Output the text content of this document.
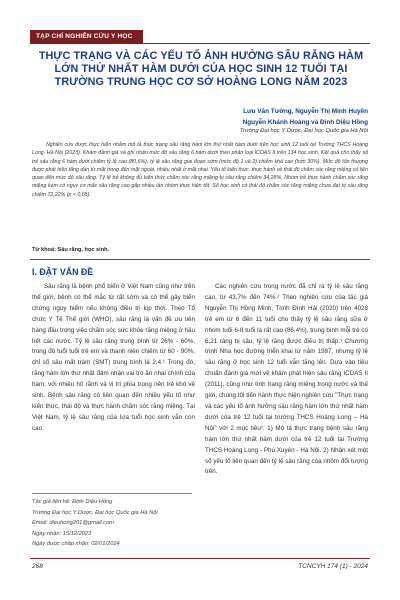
TẠP CHÍ NGHIÊN CỨU Y HỌC
THỰC TRẠNG VÀ CÁC YẾU TỐ ẢNH HƯỞNG SÂU RĂNG HÀM LỚN THỨ NHẤT HÀM DƯỚI CỦA HỌC SINH 12 TUỔI TẠI TRƯỜNG TRUNG HỌC CƠ SỞ HOÀNG LONG NĂM 2023
Lưu Văn Tường, Nguyễn Thị Minh Huyền
Nguyễn Khánh Hoàng và Đinh Diệu Hồng
Trường Đại học Y Dược, Đại học Quốc gia Hà Nội

Nghiên cứu được thực hiện nhằm mô tả thực trạng sâu răng hàm lớn thứ nhất hàm dưới trên học sinh 12 tuổi tại Trường THCS Hoàng Long, Hà Nội (2023). Khám đánh giá và ghi nhận mức độ sâu răng 6 hàm dưới theo phân loại ICDAS II trên 134 học sinh. Kết quả cho thấy số trẻ sâu răng 6 hàm dưới chiếm tỷ lệ cao (80,6%), tỷ lệ sâu răng giai đoạn sớm (mức độ 1 và 2) chiếm khá cao (hơn 30%). Mức độ tổn thương được phát hiện tăng dần từ mặt trong đến mặt ngoài, nhiều nhất ở mặt nhai. Yếu tố kiến thức, thực hành về thái độ chăm sóc răng miệng có liên quan đến mức độ sâu răng. Tỷ lệ trẻ không đủ kiến thức chăm sóc răng miệng bị sâu răng chiếm 34,28%. Nhóm trẻ thực hành chăm sóc răng miệng kém có nguy cơ mắc sâu răng cao gấp nhiều lần nhóm thực hiện tốt. Số học sinh có thái độ chăm sóc răng miệng chưa đạt bị sâu răng chiếm 72,22% (p < 0,05).

Từ khoá: Sâu răng, học sinh.
I. ĐẶT VẤN ĐỀ

Sâu răng là bệnh phổ biến ở Việt Nam cũng như trên thế giới, bệnh có thể mắc từ rất sớm và có thể gây biến chứng nguy hiểm nếu không điều trị kịp thời. Theo Tổ chức Y Tế Thế giới (WHO), sâu răng là vấn đề ưu tiên hàng đầu trong việc chăm sóc sức khỏe răng miệng ở hầu hết các nước. Tỷ lệ sâu răng trung bình từ 26% - 60%, trong độ tuổi tuổi trẻ em và thanh niên chiếm từ 60 - 90%, chỉ số sâu mất trám (SMT) trung bình là 2,4.¹ Trong đó, răng hàm lớn thứ nhất đảm nhận vai trò ăn nhai chính của hàm, với nhiều hố rãnh và vị trí phía trong nên trẻ khó vệ sinh. Bệnh sâu răng có liên quan đến nhiều yếu tố như kiến thức, thái độ và thực hành chăm sóc răng miệng. Tại Việt Nam, tỷ lệ sâu răng của lứa tuổi học sinh vẫn còn cao.

Các nghiên cứu trong nước đã chỉ ra tỷ lệ sâu răng cao, từ 43,7% đến 74%.² Theo nghiên cứu của tác giả Nguyễn Thị Hồng Minh, Trịnh Đình Hải (2020) trên 4028 trẻ em từ 6 đến 11 tuổi cho thấy tỷ lệ sâu răng sữa ở nhóm tuổi 6-8 tuổi là rất cao (86,4%), trung bình mỗi trẻ có 6,21 răng bị sâu, tỷ lệ răng được điều trị thấp.³ Chương trình Nha học đường triển khai từ năm 1987, nhưng tỷ lệ sâu răng ở học sinh 12 tuổi vẫn tăng lên. Dựa vào tiêu chuẩn đánh giá mới về khám phát hiện sâu răng ICDAS II (2011), cũng như tình trạng răng miệng trong nước và thế giới, chúng tôi tiến hành thực hiện nghiên cứu "Thực trạng và các yếu tố ảnh hưởng sâu răng hàm lớn thứ nhất hàm dưới của trẻ 12 tuổi tại trường THCS Hoàng Long – Hà Nội" với 2 mục tiêu¹: 1) Mô tả thực trạng bệnh sâu răng hàm lớn thứ nhất hàm dưới của trẻ 12 tuổi tại Trường THCS Hoàng Long - Phú Xuyên - Hà Nội. 2) Nhận xét một số yếu tố liên quan đến tỷ lệ sâu răng của nhóm đối tượng trên.

Tác giả liên hệ: Đinh Diệu Hồng
Trường Đại học Y Dược, Đại học Quốc gia Hà Nội
Email: dieuhong201@gmail.com
Ngày nhận: 15/12/2023
Ngày được chấp nhận: 02/01/2024
268	TCNCYH 174 (1) - 2024
